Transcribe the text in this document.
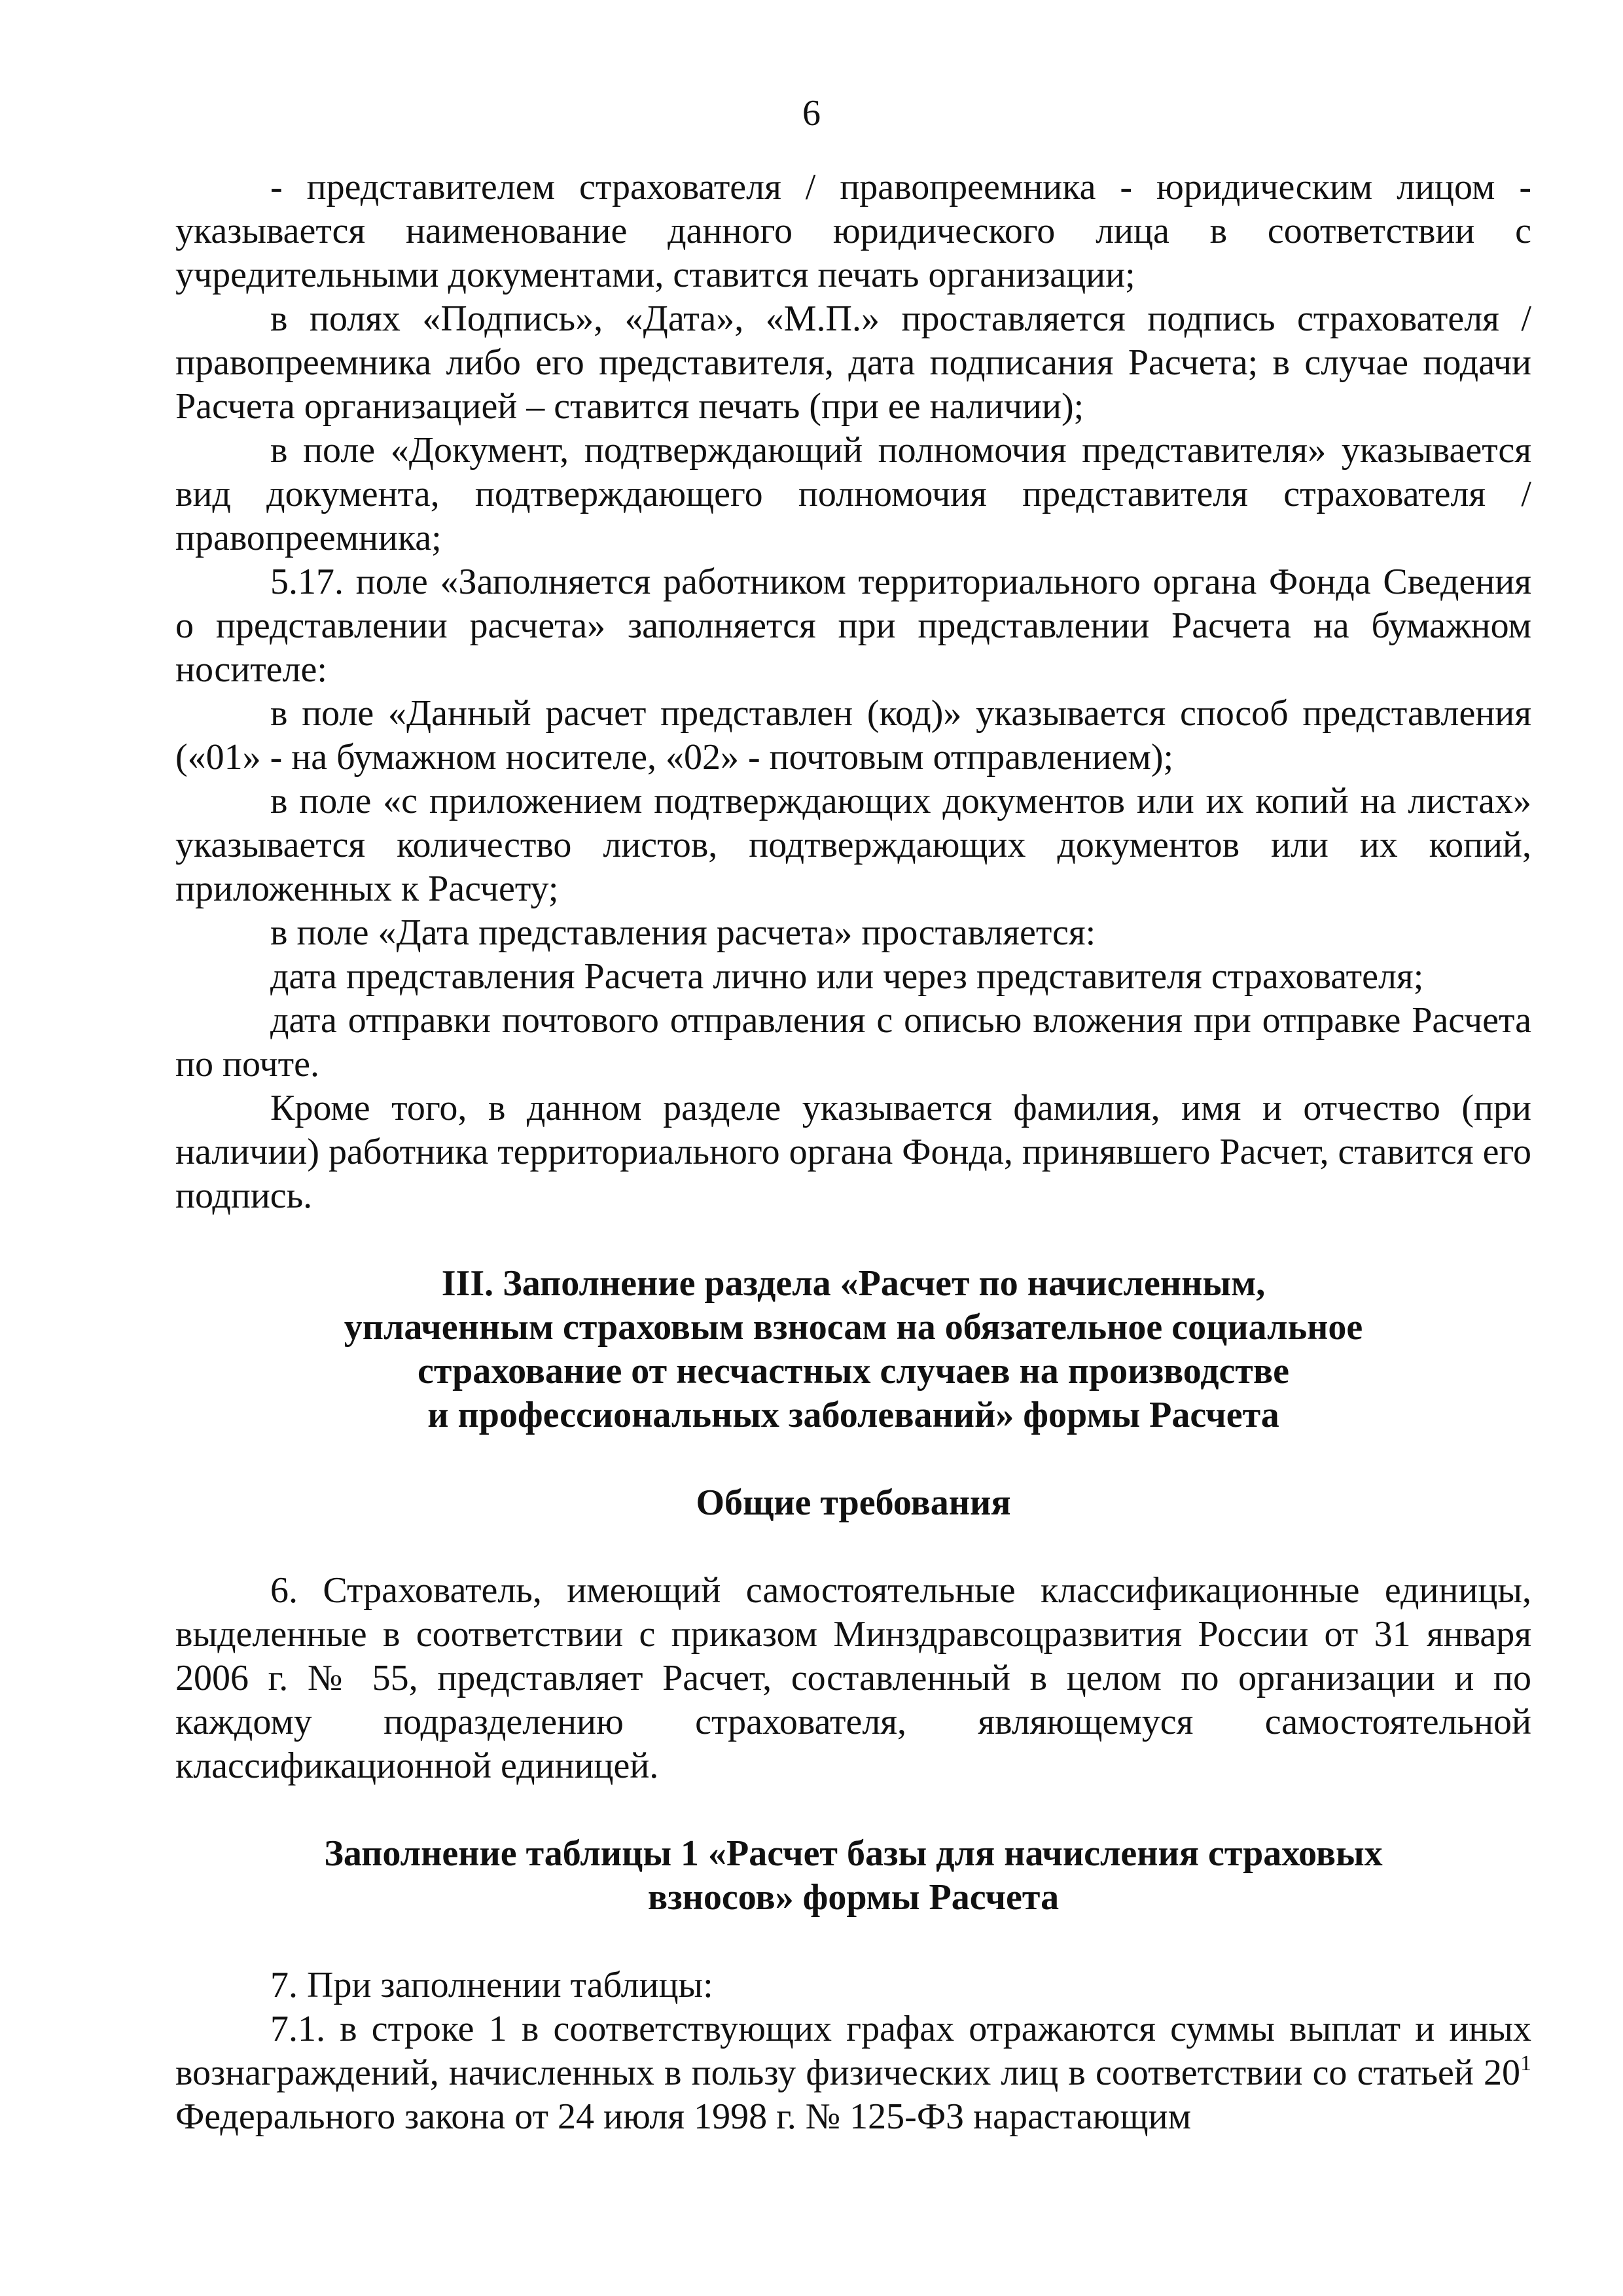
6

- представителем страхователя / правопреемника - юридическим лицом - указывается наименование данного юридического лица в соответствии с учредительными документами, ставится печать организации;

в полях «Подпись», «Дата», «М.П.» проставляется подпись страхователя / правопреемника либо его представителя, дата подписания Расчета; в случае подачи Расчета организацией – ставится печать (при ее наличии);

в поле «Документ, подтверждающий полномочия представителя» указывается вид документа, подтверждающего полномочия представителя страхователя / правопреемника;

5.17. поле «Заполняется работником территориального органа Фонда Сведения о представлении расчета» заполняется при представлении Расчета на бумажном носителе:

в поле «Данный расчет представлен (код)» указывается способ представления («01» - на бумажном носителе, «02» - почтовым отправлением);

в поле «с приложением подтверждающих документов или их копий на листах» указывается количество листов, подтверждающих документов или их копий, приложенных к Расчету;

в поле «Дата представления расчета» проставляется:

дата представления Расчета лично или через представителя страхователя;

дата отправки почтового отправления с описью вложения при отправке Расчета по почте.

Кроме того, в данном разделе указывается фамилия, имя и отчество (при наличии) работника территориального органа Фонда, принявшего Расчет, ставится его подпись.

III. Заполнение раздела «Расчет по начисленным,

уплаченным страховым взносам на обязательное социальное

страхование от несчастных случаев на производстве

и профессиональных заболеваний» формы Расчета

Общие требования

6. Страхователь, имеющий самостоятельные классификационные единицы, выделенные в соответствии с приказом Минздравсоцразвития России от 31 января 2006 г. № 55, представляет Расчет, составленный в целом по организации и по каждому подразделению страхователя, являющемуся самостоятельной классификационной единицей.

Заполнение таблицы 1 «Расчет базы для начисления страховых

взносов» формы Расчета

7. При заполнении таблицы:

7.1. в строке 1 в соответствующих графах отражаются суммы выплат и иных вознаграждений, начисленных в пользу физических лиц в соответствии со статьей $20^1$ Федерального закона от 24 июля 1998 г. № 125-ФЗ нарастающим
